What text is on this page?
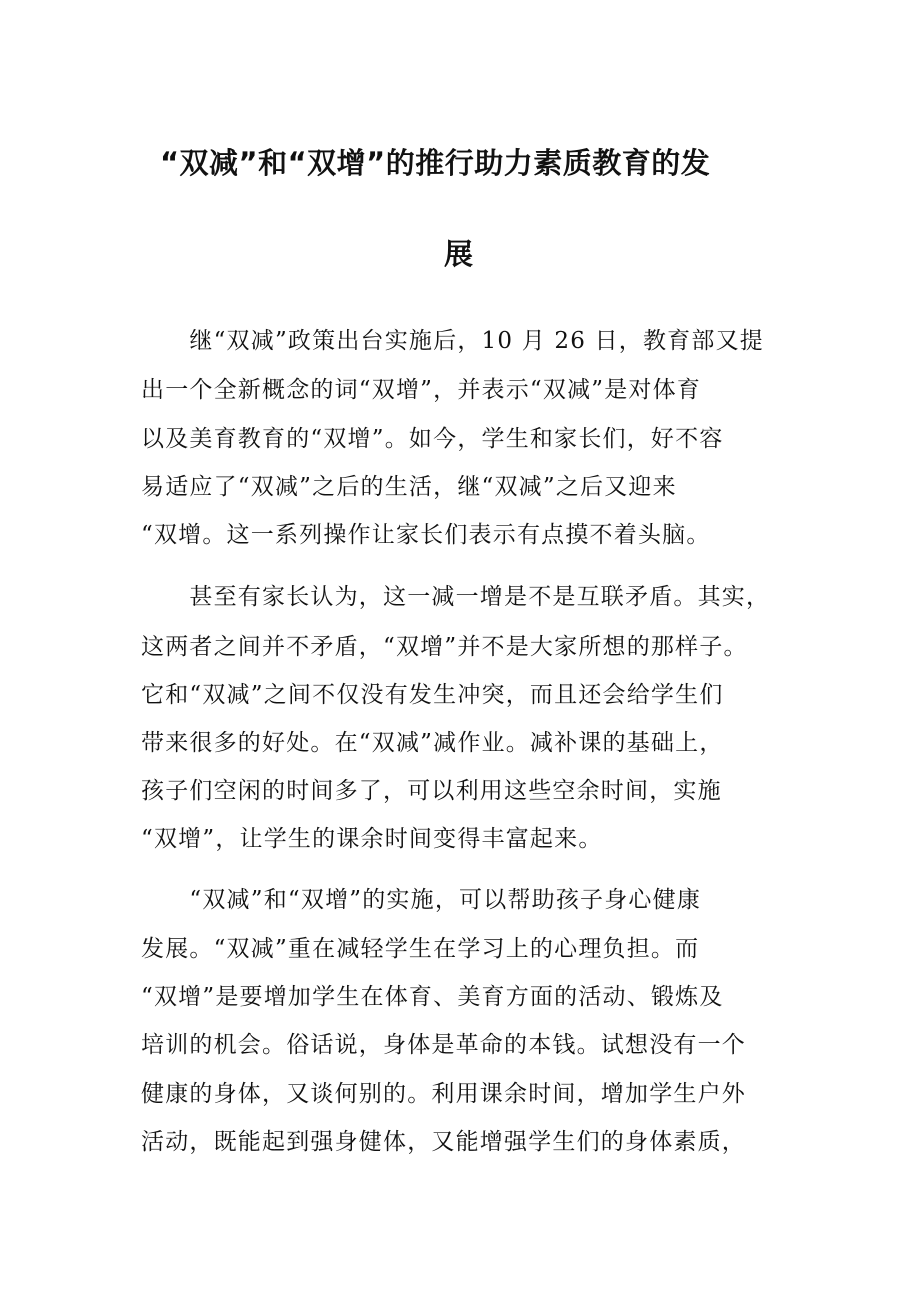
“双减”和“双增”的推行助力素质教育的发
展
　　继“双减”政策出台实施后，10 月 26 日，教育部又提
出一个全新概念的词“双增”，并表示“双减”是对体育
以及美育教育的“双增”。如今，学生和家长们，好不容
易适应了“双减”之后的生活，继“双减”之后又迎来
“双增。这一系列操作让家长们表示有点摸不着头脑。
　　甚至有家长认为，这一减一增是不是互联矛盾。其实，
这两者之间并不矛盾，“双增”并不是大家所想的那样子。
它和“双减”之间不仅没有发生冲突，而且还会给学生们
带来很多的好处。在“双减”减作业。减补课的基础上，
孩子们空闲的时间多了，可以利用这些空余时间，实施
“双增”，让学生的课余时间变得丰富起来。
　　“双减”和“双增”的实施，可以帮助孩子身心健康
发展。“双减”重在减轻学生在学习上的心理负担。而
“双增”是要增加学生在体育、美育方面的活动、锻炼及
培训的机会。俗话说，身体是革命的本钱。试想没有一个
健康的身体，又谈何别的。利用课余时间，增加学生户外
活动，既能起到强身健体，又能增强学生们的身体素质，
